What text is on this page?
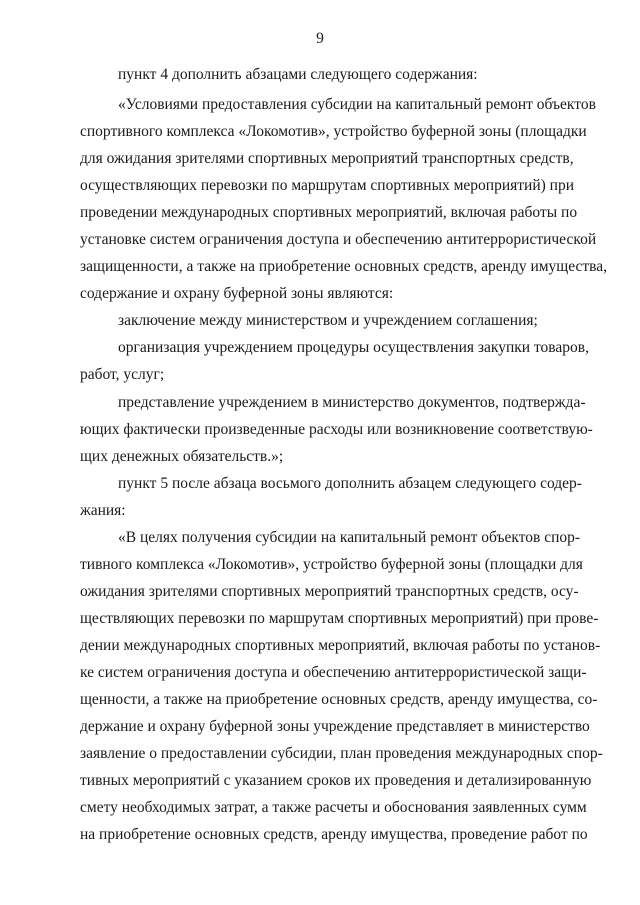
9
пункт 4 дополнить абзацами следующего содержания:
«Условиями предоставления субсидии на капитальный ремонт объектов
спортивного комплекса «Локомотив», устройство буферной зоны (площадки
для ожидания зрителями спортивных мероприятий транспортных средств,
осуществляющих перевозки по маршрутам спортивных мероприятий) при
проведении международных спортивных мероприятий, включая работы по
установке систем ограничения доступа и обеспечению антитеррористической
защищенности, а также на приобретение основных средств, аренду имущества,
содержание и охрану буферной зоны являются:
заключение между министерством и учреждением соглашения;
организация учреждением процедуры осуществления закупки товаров,
работ, услуг;
представление учреждением в министерство документов, подтвержда-
ющих фактически произведенные расходы или возникновение соответствую-
щих денежных обязательств.»;
пункт 5 после абзаца восьмого дополнить абзацем следующего содер-
жания:
«В целях получения субсидии на капитальный ремонт объектов спор-
тивного комплекса «Локомотив», устройство буферной зоны (площадки для
ожидания зрителями спортивных мероприятий транспортных средств, осу-
ществляющих перевозки по маршрутам спортивных мероприятий) при прове-
дении международных спортивных мероприятий, включая работы по установ-
ке систем ограничения доступа и обеспечению антитеррористической защи-
щенности, а также на приобретение основных средств, аренду имущества, со-
держание и охрану буферной зоны учреждение представляет в министерство
заявление о предоставлении субсидии, план проведения международных спор-
тивных мероприятий с указанием сроков их проведения и детализированную
смету необходимых затрат, а также расчеты и обоснования заявленных сумм
на приобретение основных средств, аренду имущества, проведение работ по
